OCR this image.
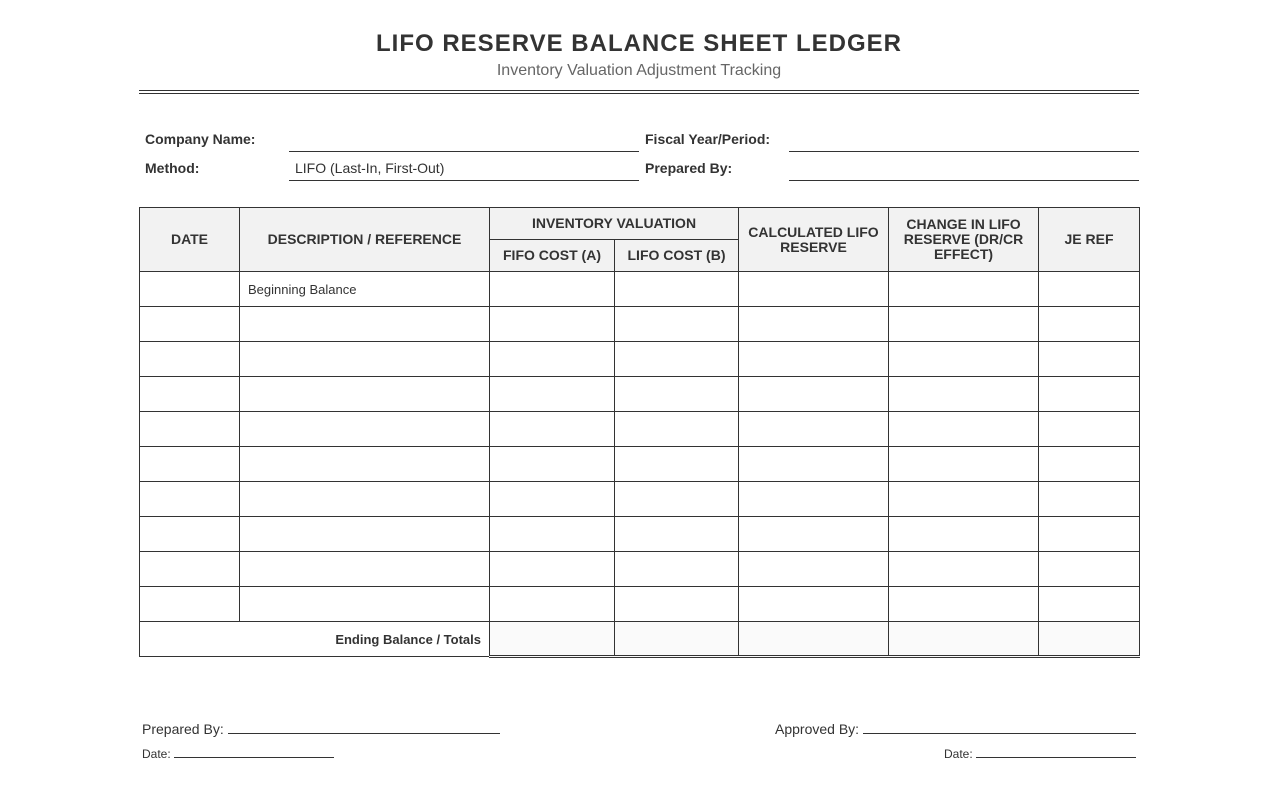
LIFO RESERVE BALANCE SHEET LEDGER
Inventory Valuation Adjustment Tracking
Company Name:	Fiscal Year/Period:
Method:	LIFO (Last-In, First-Out)	Prepared By:
DATE	DESCRIPTION / REFERENCE	INVENTORY VALUATION		CALCULATED LIFO RESERVE	CHANGE IN LIFO RESERVE (DR/CR EFFECT)	JE REF
		FIFO COST (A)	LIFO COST (B)			
	Beginning Balance					

Ending Balance / Totals						
Prepared By:
Date:
Approved By:
Date:
